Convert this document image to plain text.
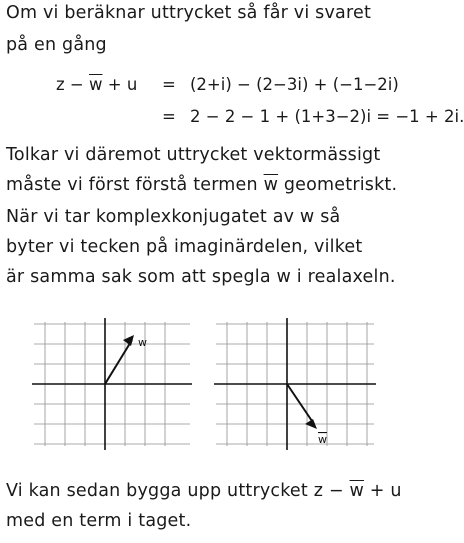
Om vi beräknar uttrycket så får vi svaret
på en gång
$z - \overline{w} + u = (2+i) - (2-3i) + (-1-2i)$
= 2 − 2 − 1 + (1+3−2)i = −1 + 2i.
Tolkar vi däremot uttrycket vektormässigt
måste vi först förstå termen $\overline{w}$ geometriskt.
När vi tar komplexkonjugatet av w så
byter vi tecken på imaginärdelen, vilket
är samma sak som att spegla w i realaxeln.
w
w
Vi kan sedan bygga upp uttrycket $z - \overline{w} + u$
med en term i taget.
